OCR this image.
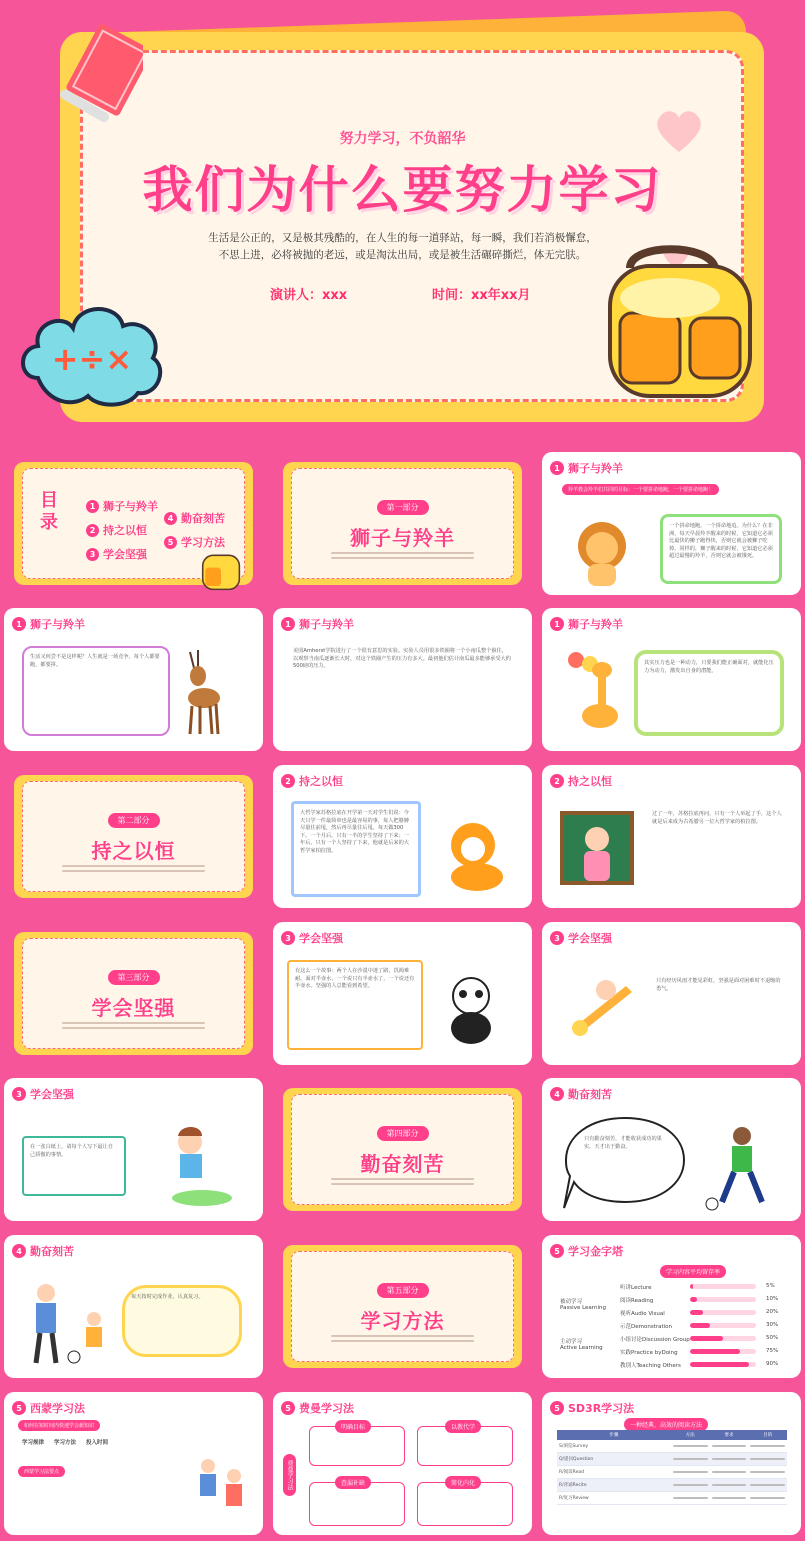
努力学习，不负韶华
我们为什么要努力学习
生活是公正的，又是极其残酷的，在人生的每一道驿站，每一瞬，我们若消极懈怠，不思上进，必将被抛的老远，或是淘汰出局，或是被生活碾碎撕烂，体无完肤。
演讲人：xxx	时间：xx年xx月
+÷×
目录
1 狮子与羚羊
4 勤奋刻苦
2 持之以恒
5 学习方法
3 学会坚强
第一部分
狮子与羚羊
1 狮子与羚羊
羚羊教会羚羊们共同的目标：一个要拼命地跑，一个要拼命地跑！
一个拼命地跑，一个拼命地追。为什么？在非洲，每天早晨羚羊醒来的时候，它知道它必须比最快的狮子跑得快，否则它就会被狮子吃掉。同样的，狮子醒来的时候，它知道它必须超过最慢的羚羊，否则它就会被饿死。
1 狮子与羚羊
生活又何尝不是这样呢？人生就是一场竞争，每个人都要跑，都要拼。
1 狮子与羚羊
美国Amherst学院进行了一个很有意思的实验。实验人员用很多铁圈将一个小南瓜整个箍住，以观察当南瓜逐渐长大时，对这个铁圈产生的压力有多大。最初他们估计南瓜最多能够承受大约500磅的压力。
1 狮子与羚羊
其实压力也是一种动力，只要我们能正确面对，就能化压力为动力，激发出自身的潜能。
第二部分
持之以恒
2 持之以恒
大哲学家苏格拉底在开学第一天对学生们说：今天只学一件最简单也是最容易的事，每人把胳膊尽量往前甩，然后再尽量往后甩。每天做300下。一个月后，只有一半的学生坚持了下来；一年后，只有一个人坚持了下来，他就是后来的大哲学家柏拉图。
2 持之以恒
过了一年，苏格拉底再问，只有一个人举起了手，这个人就是后来成为古希腊另一位大哲学家的柏拉图。
第三部分
学会坚强
3 学会坚强
有这么一个故事：两个人在沙漠中迷了路，饥渴难耐。面对半壶水，一个说只有半壶水了，一个说还有半壶水。坚强的人总能看到希望。
3 学会坚强
只有经历风雨才能见彩虹，坚强是面对困难时不退缩的勇气。
3 学会坚强
在一张白纸上，请每个人写下最让自己骄傲的事情。
第四部分
勤奋刻苦
4 勤奋刻苦
只有勤奋刻苦，才能收获成功的果实。天才出于勤奋。
4 勤奋刻苦
每天按时完成作业，认真复习。
第五部分
学习方法
5 学习金字塔
学习内容平均留存率
被动学习
Passive Learning
主动学习
Active Learning
听讲Lecture	5%
阅读Reading	10%
视听Audio Visual	20%
示范Demonstration	30%
小组讨论Discussion Group	50%
实践Practice byDoing	75%
教别人Teaching Others	90%
5 西蒙学习法
如何在短时间内快速学会新知识
学习规律 学习方法 投入时间
西蒙学习法要点
5 费曼学习法
费曼学习法
明确目标	以教代学
查漏补缺	简化内化
5 SD3R学习法
一种经典、高效的阅读方法
步骤	方法	要求	目的
S/浏览Survey	

Q/提问Question	

R/阅读Read	

R/背诵Recite	

R/复习Review	
